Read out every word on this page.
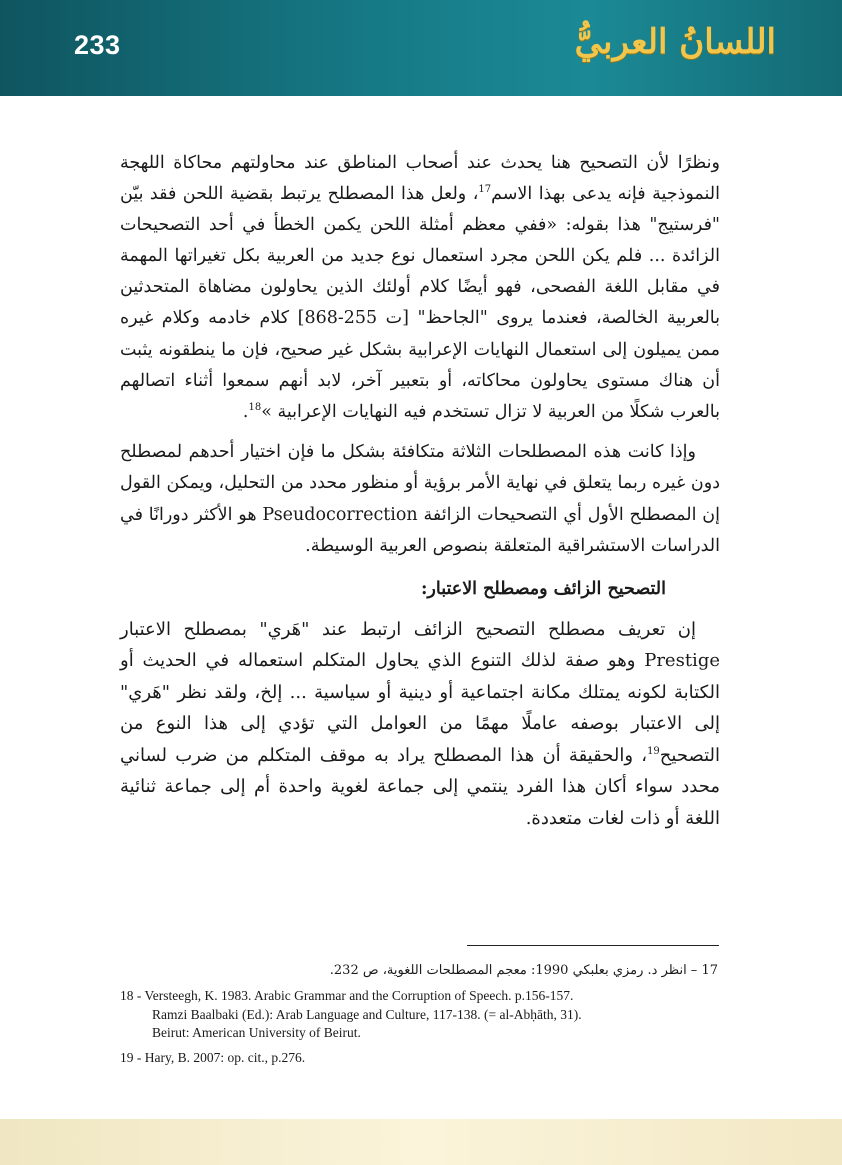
233	اللسانُ العربيُّ

ونظرًا لأن التصحيح هنا يحدث عند أصحاب المناطق عند محاولتهم محاكاة اللهجة النموذجية فإنه يدعى بهذا الاسم$^{17}$، ولعل هذا المصطلح يرتبط بقضية اللحن فقد بيّن "فرستيج" هذا بقوله: «ففي معظم أمثلة اللحن يكمن الخطأ في أحد التصحيحات الزائدة ... فلم يكن اللحن مجرد استعمال نوع جديد من العربية بكل تغيراتها المهمة في مقابل اللغة الفصحى، فهو أيضًا كلام أولئك الذين يحاولون مضاهاة المتحدثين بالعربية الخالصة، فعندما يروى "الجاحظ" [ت 255-868] كلام خادمه وكلام غيره ممن يميلون إلى استعمال النهايات الإعرابية بشكل غير صحيح، فإن ما ينطقونه يثبت أن هناك مستوى يحاولون محاكاته، أو بتعبير آخر، لابد أنهم سمعوا أثناء اتصالهم بالعرب شكلًا من العربية لا تزال تستخدم فيه النهايات الإعرابية »$^{18}$.

وإذا كانت هذه المصطلحات الثلاثة متكافئة بشكل ما فإن اختيار أحدهم لمصطلح دون غيره ربما يتعلق في نهاية الأمر برؤية أو منظور محدد من التحليل، ويمكن القول إن المصطلح الأول أي التصحيحات الزائفة Pseudocorrection هو الأكثر دورانًا في الدراسات الاستشراقية المتعلقة بنصوص العربية الوسيطة.

التصحيح الزائف ومصطلح الاعتبار:

إن تعريف مصطلح التصحيح الزائف ارتبط عند "هَري" بمصطلح الاعتبار Prestige وهو صفة لذلك التنوع الذي يحاول المتكلم استعماله في الحديث أو الكتابة لكونه يمتلك مكانة اجتماعية أو دينية أو سياسية ... إلخ، ولقد نظر "هَري" إلى الاعتبار بوصفه عاملًا مهمًا من العوامل التي تؤدي إلى هذا النوع من التصحيح$^{19}$، والحقيقة أن هذا المصطلح يراد به موقف المتكلم من ضرب لساني محدد سواء أكان هذا الفرد ينتمي إلى جماعة لغوية واحدة أم إلى جماعة ثنائية اللغة أو ذات لغات متعددة.

17 – انظر د. رمزي بعلبكي 1990: معجم المصطلحات اللغوية، ص 232.
18 - Versteegh, K. 1983. Arabic Grammar and the Corruption of Speech. p.156-157.
Ramzi Baalbaki (Ed.): Arab Language and Culture, 117-138. (= al-Abḥāth, 31).
Beirut: American University of Beirut.
19 - Hary, B. 2007: op. cit., p.276.
